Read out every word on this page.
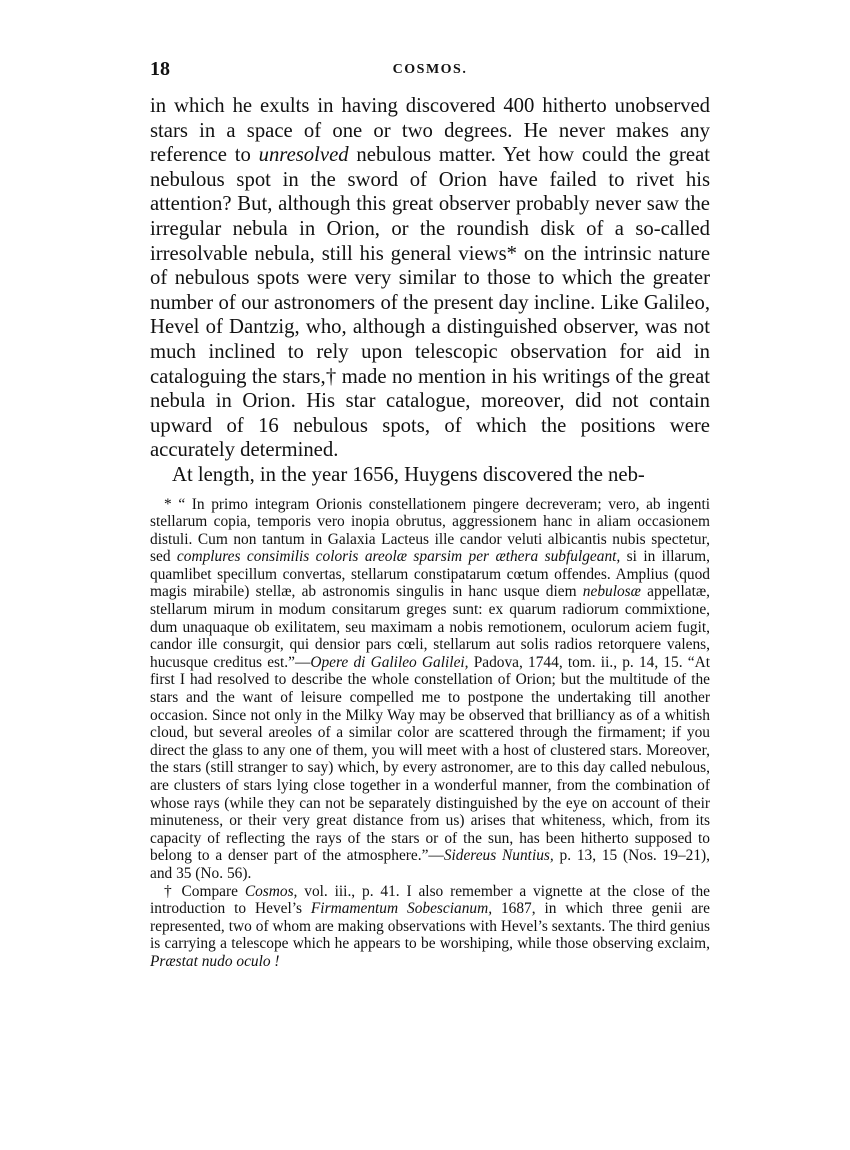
18	COSMOS.

in which he exults in having discovered 400 hitherto unobserved stars in a space of one or two degrees. He never makes any reference to unresolved nebulous matter. Yet how could the great nebulous spot in the sword of Orion have failed to rivet his attention? But, although this great observer probably never saw the irregular nebula in Orion, or the roundish disk of a so-called irresolvable nebula, still his general views* on the intrinsic nature of nebulous spots were very similar to those to which the greater number of our astronomers of the present day incline. Like Galileo, Hevel of Dantzig, who, although a distinguished observer, was not much inclined to rely upon telescopic observation for aid in cataloguing the stars,† made no mention in his writings of the great nebula in Orion. His star catalogue, moreover, did not contain upward of 16 nebulous spots, of which the positions were accurately determined.

At length, in the year 1656, Huygens discovered the neb-

* “ In primo integram Orionis constellationem pingere decreveram; vero, ab ingenti stellarum copia, temporis vero inopia obrutus, aggressionem hanc in aliam occasionem distuli. Cum non tantum in Galaxia Lacteus ille candor veluti albicantis nubis spectetur, sed complures consimilis coloris areolæ sparsim per æthera subfulgeant, si in illarum, quamlibet specillum convertas, stellarum constipatarum cœtum offendes. Amplius (quod magis mirabile) stellæ, ab astronomis singulis in hanc usque diem nebulosæ appellatæ, stellarum mirum in modum consitarum greges sunt: ex quarum radiorum commixtione, dum unaquaque ob exilitatem, seu maximam a nobis remotionem, oculorum aciem fugit, candor ille consurgit, qui densior pars cœli, stellarum aut solis radios retorquere valens, hucusque creditus est.”—Opere di Galileo Galilei, Padova, 1744, tom. ii., p. 14, 15. “At first I had resolved to describe the whole constellation of Orion; but the multitude of the stars and the want of leisure compelled me to postpone the undertaking till another occasion. Since not only in the Milky Way may be observed that brilliancy as of a whitish cloud, but several areoles of a similar color are scattered through the firmament; if you direct the glass to any one of them, you will meet with a host of clustered stars. Moreover, the stars (still stranger to say) which, by every astronomer, are to this day called nebulous, are clusters of stars lying close together in a wonderful manner, from the combination of whose rays (while they can not be separately distinguished by the eye on account of their minuteness, or their very great distance from us) arises that whiteness, which, from its capacity of reflecting the rays of the stars or of the sun, has been hitherto supposed to belong to a denser part of the atmosphere.”—Sidereus Nuntius, p. 13, 15 (Nos. 19–21), and 35 (No. 56).

† Compare Cosmos, vol. iii., p. 41. I also remember a vignette at the close of the introduction to Hevel’s Firmamentum Sobescianum, 1687, in which three genii are represented, two of whom are making observations with Hevel’s sextants. The third genius is carrying a telescope which he appears to be worshiping, while those observing exclaim, Præstat nudo oculo !
